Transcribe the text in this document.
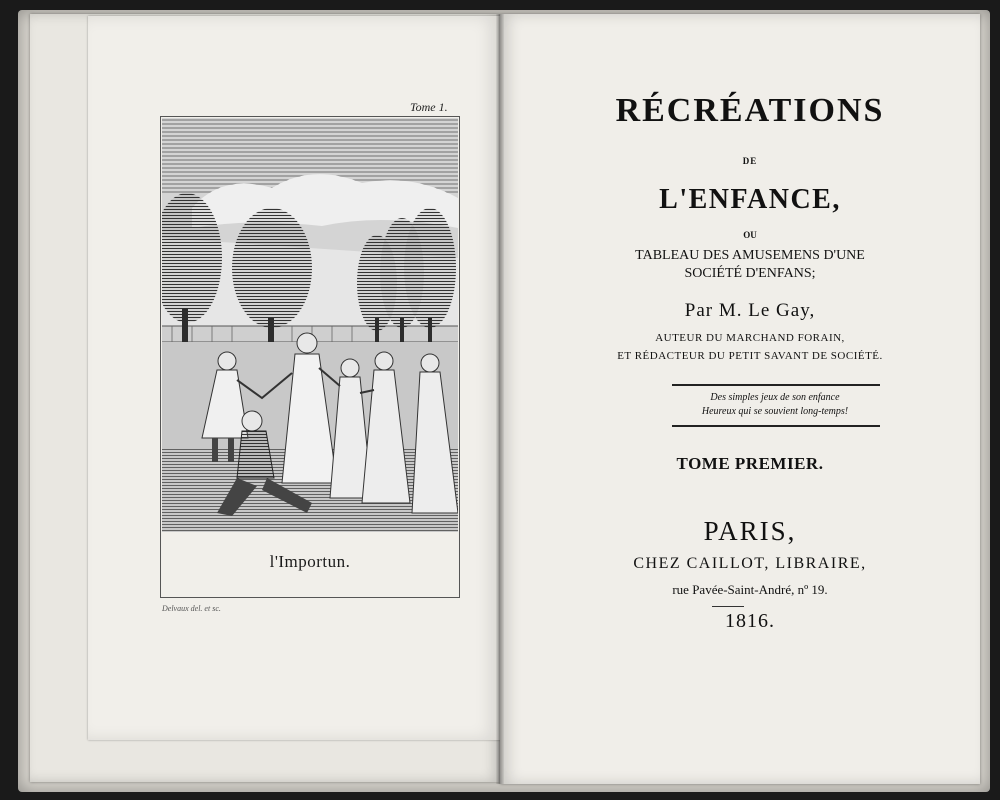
Tome 1.
l'Importun.
Delvaux del. et sc.
RÉCRÉATIONS
DE
L'ENFANCE,
OU
TABLEAU DES AMUSEMENS D'UNE
SOCIÉTÉ D'ENFANS;
Par M. Le Gay,
AUTEUR DU MARCHAND FORAIN,
ET RÉDACTEUR DU PETIT SAVANT DE SOCIÉTÉ.
Des simples jeux de son enfance
Heureux qui se souvient long-temps!
TOME PREMIER.
PARIS,
CHEZ CAILLOT, LIBRAIRE,
rue Pavée-Saint-André, nº 19.
1816.
